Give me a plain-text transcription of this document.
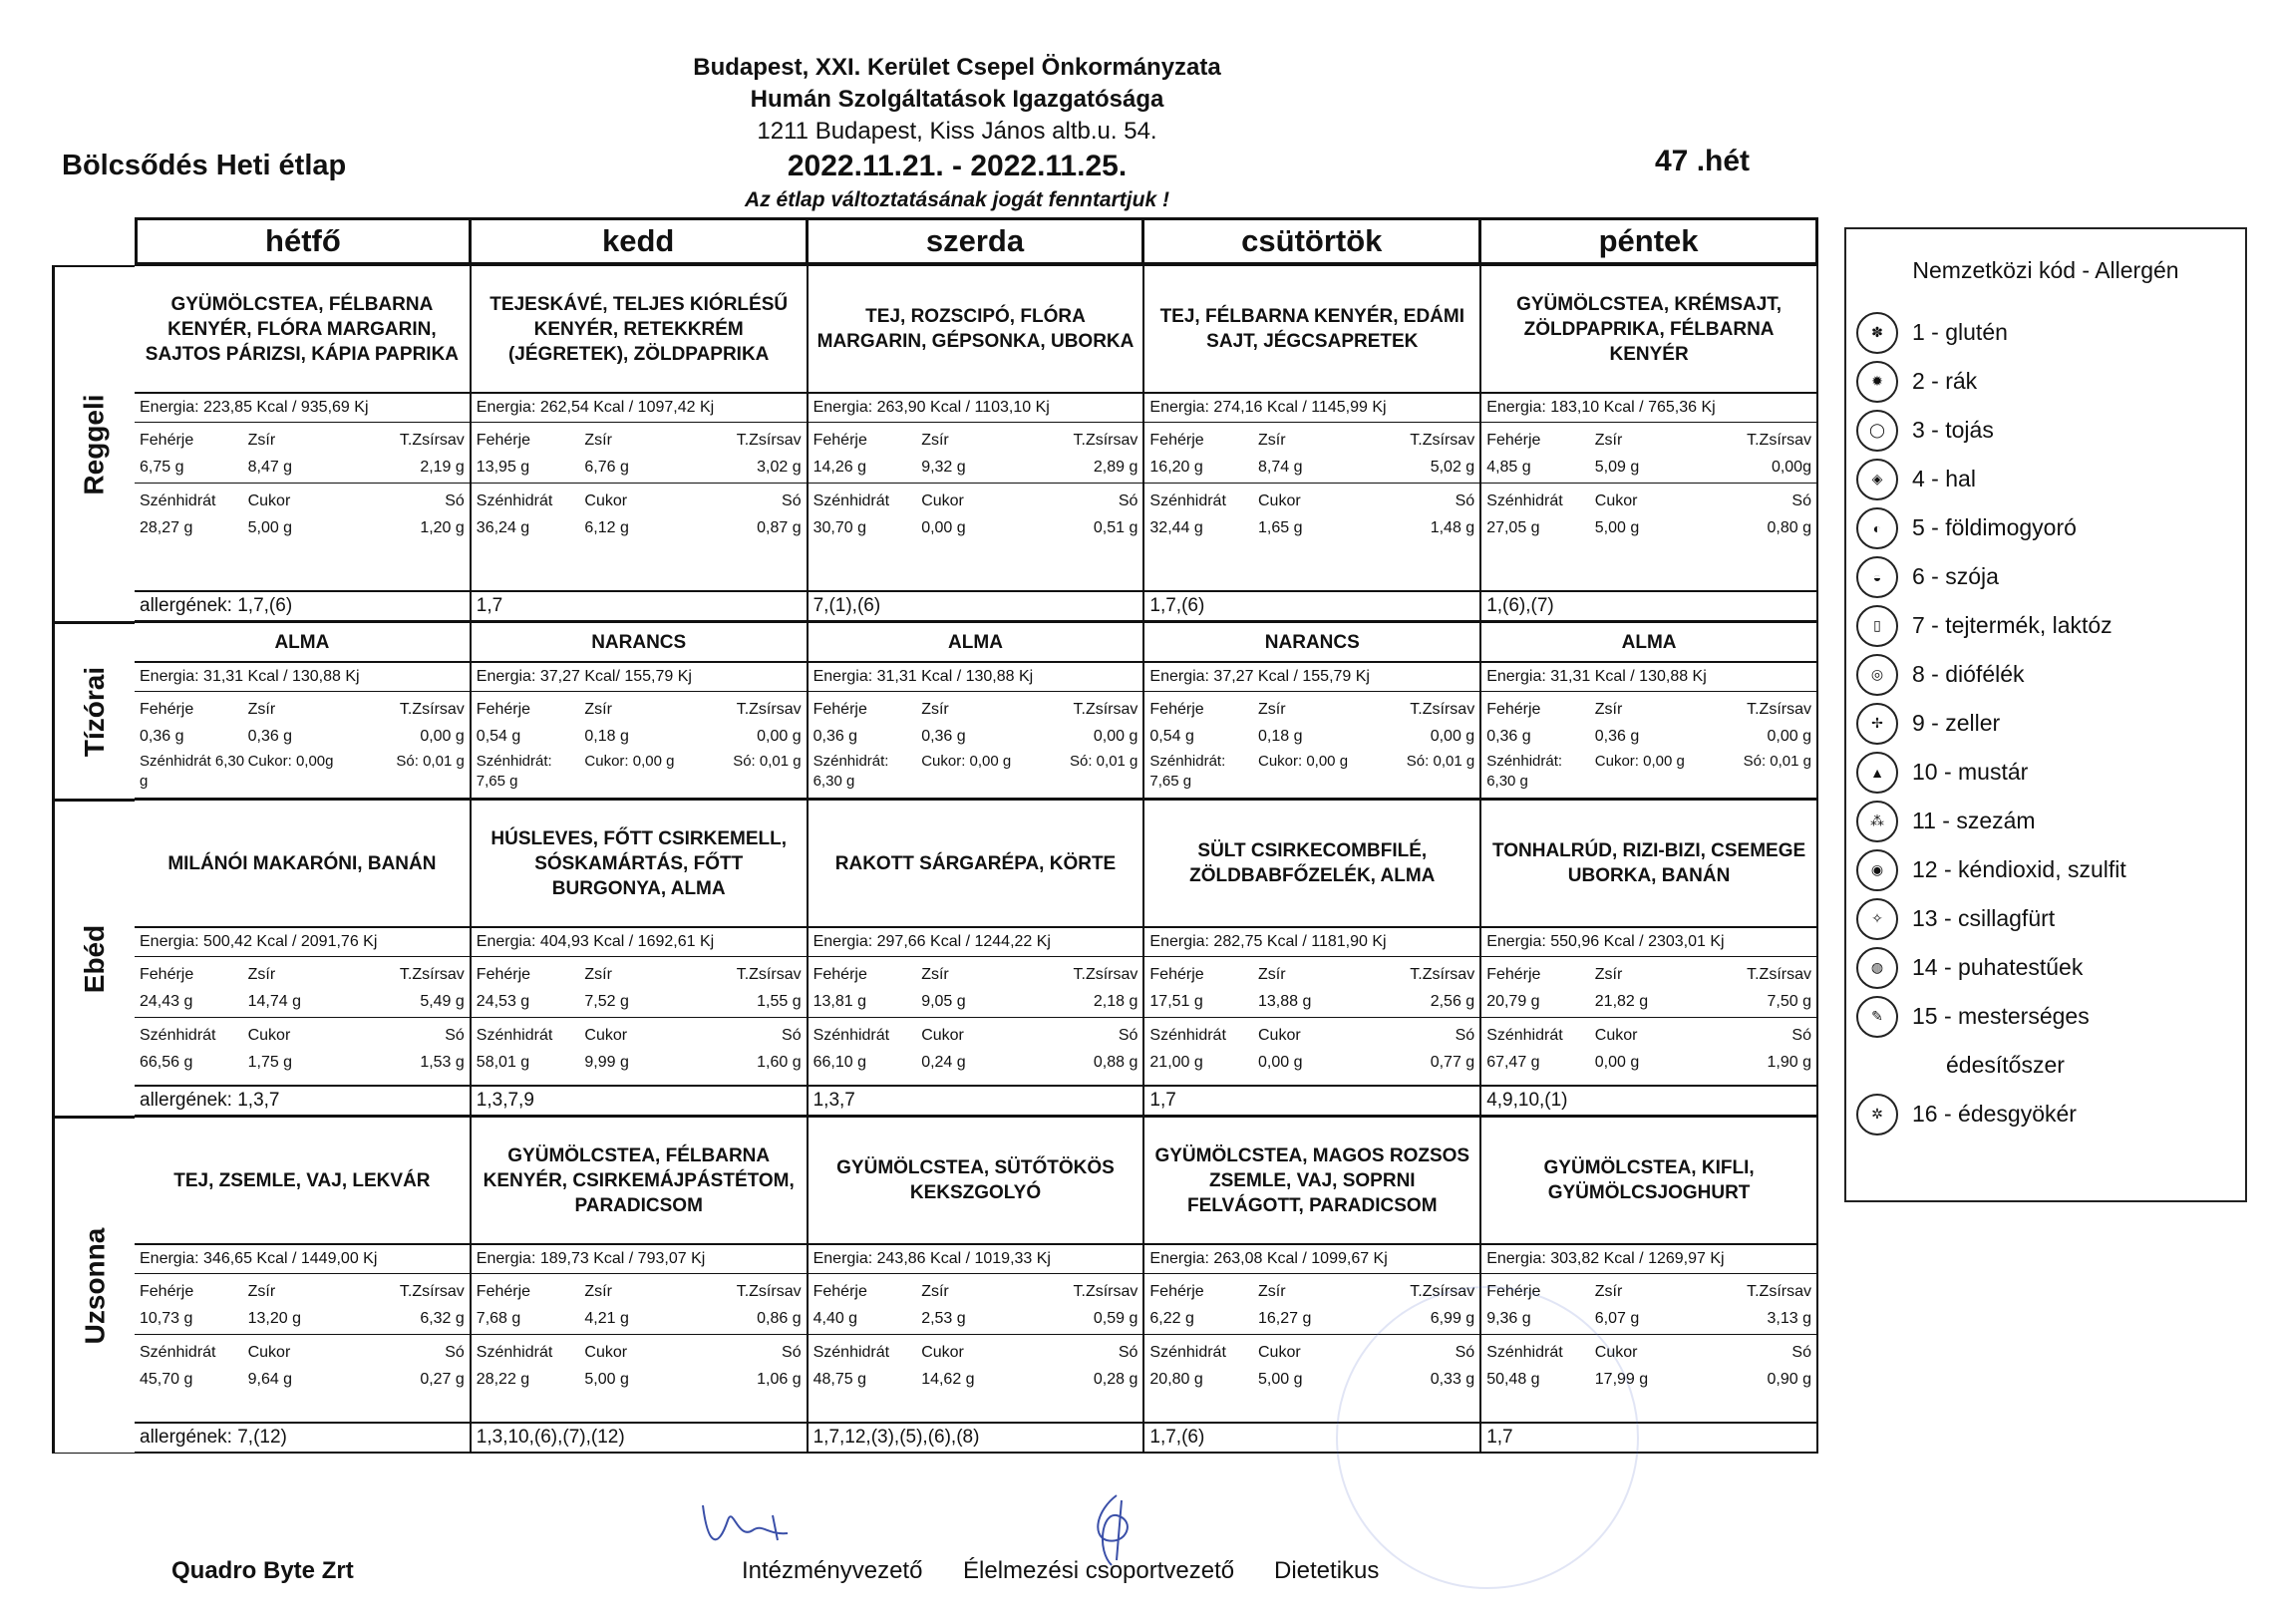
Budapest, XXI. Kerület Csepel Önkormányzata
Humán Szolgáltatások Igazgatósága
1211 Budapest, Kiss János altb.u. 54.
2022.11.21. - 2022.11.25.
Az étlap változtatásának jogát fenntartjuk !
Bölcsődés Heti étlap	47 .hét
hétfő	kedd	szerda	csütörtök	péntek
Reggeli
GYÜMÖLCSTEA, FÉLBARNA KENYÉR, FLÓRA MARGARIN, SAJTOS PÁRIZSI, KÁPIA PAPRIKA
Energia: 223,85 Kcal / 935,69 Kj
Fehérje	Zsír	T.Zsírsav
6,75 g	8,47 g	2,19 g
Szénhidrát	Cukor	Só
28,27 g	5,00 g	1,20 g
allergének: 1,7,(6)
TEJESKÁVÉ, TELJES KIÓRLÉSŰ KENYÉR, RETEKKRÉM (JÉGRETEK), ZÖLDPAPRIKA
Energia: 262,54 Kcal / 1097,42 Kj
Fehérje	Zsír	T.Zsírsav
13,95 g	6,76 g	3,02 g
Szénhidrát	Cukor	Só
36,24 g	6,12 g	0,87 g
1,7
TEJ, ROZSCIPÓ, FLÓRA MARGARIN, GÉPSONKA, UBORKA
Energia: 263,90 Kcal / 1103,10 Kj
Fehérje	Zsír	T.Zsírsav
14,26 g	9,32 g	2,89 g
Szénhidrát	Cukor	Só
30,70 g	0,00 g	0,51 g
7,(1),(6)
TEJ, FÉLBARNA KENYÉR, EDÁMI SAJT, JÉGCSAPRETEK
Energia: 274,16 Kcal / 1145,99 Kj
Fehérje	Zsír	T.Zsírsav
16,20 g	8,74 g	5,02 g
Szénhidrát	Cukor	Só
32,44 g	1,65 g	1,48 g
1,7,(6)
GYÜMÖLCSTEA, KRÉMSAJT, ZÖLDPAPRIKA, FÉLBARNA KENYÉR
Energia: 183,10 Kcal / 765,36 Kj
Fehérje	Zsír	T.Zsírsav
4,85 g	5,09 g	0,00g
Szénhidrát	Cukor	Só
27,05 g	5,00 g	0,80 g
1,(6),(7)
Tízórai
ALMA
Energia: 31,31 Kcal / 130,88 Kj
Fehérje	Zsír	T.Zsírsav
0,36 g	0,36 g	0,00 g
Szénhidrát 6,30 g
Cukor: 0,00g	Só: 0,01 g
NARANCS
Energia: 37,27 Kcal/ 155,79 Kj
Fehérje	Zsír	T.Zsírsav
0,54 g	0,18 g	0,00 g
Szénhidrát: 7,65 g
Cukor: 0,00 g	Só: 0,01 g
ALMA
Energia: 31,31 Kcal / 130,88 Kj
Fehérje	Zsír	T.Zsírsav
0,36 g	0,36 g	0,00 g
Szénhidrát: 6,30 g
Cukor: 0,00 g	Só: 0,01 g
NARANCS
Energia: 37,27 Kcal / 155,79 Kj
Fehérje	Zsír	T.Zsírsav
0,54 g	0,18 g	0,00 g
Szénhidrát: 7,65 g
Cukor: 0,00 g	Só: 0,01 g
ALMA
Energia: 31,31 Kcal / 130,88 Kj
Fehérje	Zsír	T.Zsírsav
0,36 g	0,36 g	0,00 g
Szénhidrát: 6,30 g
Cukor: 0,00 g	Só: 0,01 g
Ebéd
MILÁNÓI MAKARÓNI, BANÁN
Energia: 500,42 Kcal / 2091,76 Kj
Fehérje	Zsír	T.Zsírsav
24,43 g	14,74 g	5,49 g
Szénhidrát	Cukor	Só
66,56 g	1,75 g	1,53 g
allergének: 1,3,7
HÚSLEVES, FŐTT CSIRKEMELL, SÓSKAMÁRTÁS, FŐTT BURGONYA, ALMA
Energia: 404,93 Kcal / 1692,61 Kj
Fehérje	Zsír	T.Zsírsav
24,53 g	7,52 g	1,55 g
Szénhidrát	Cukor	Só
58,01 g	9,99 g	1,60 g
1,3,7,9
RAKOTT SÁRGARÉPA, KÖRTE
Energia: 297,66 Kcal / 1244,22 Kj
Fehérje	Zsír	T.Zsírsav
13,81 g	9,05 g	2,18 g
Szénhidrát	Cukor	Só
66,10 g	0,24 g	0,88 g
1,3,7
SÜLT CSIRKECOMBFILÉ, ZÖLDBABFŐZELÉK, ALMA
Energia: 282,75 Kcal / 1181,90 Kj
Fehérje	Zsír	T.Zsírsav
17,51 g	13,88 g	2,56 g
Szénhidrát	Cukor	Só
21,00 g	0,00 g	0,77 g
1,7
TONHALRÚD, RIZI-BIZI, CSEMEGE UBORKA, BANÁN
Energia: 550,96 Kcal / 2303,01 Kj
Fehérje	Zsír	T.Zsírsav
20,79 g	21,82 g	7,50 g
Szénhidrát	Cukor	Só
67,47 g	0,00 g	1,90 g
4,9,10,(1)
Uzsonna
TEJ, ZSEMLE, VAJ, LEKVÁR
Energia: 346,65 Kcal / 1449,00 Kj
Fehérje	Zsír	T.Zsírsav
10,73 g	13,20 g	6,32 g
Szénhidrát	Cukor	Só
45,70 g	9,64 g	0,27 g
allergének: 7,(12)
GYÜMÖLCSTEA, FÉLBARNA KENYÉR, CSIRKEMÁJPÁSTÉTOM, PARADICSOM
Energia: 189,73 Kcal / 793,07 Kj
Fehérje	Zsír	T.Zsírsav
7,68 g	4,21 g	0,86 g
Szénhidrát	Cukor	Só
28,22 g	5,00 g	1,06 g
1,3,10,(6),(7),(12)
GYÜMÖLCSTEA, SÜTŐTÖKÖS KEKSZGOLYÓ
Energia: 243,86 Kcal / 1019,33 Kj
Fehérje	Zsír	T.Zsírsav
4,40 g	2,53 g	0,59 g
Szénhidrát	Cukor	Só
48,75 g	14,62 g	0,28 g
1,7,12,(3),(5),(6),(8)
GYÜMÖLCSTEA, MAGOS ROZSOS ZSEMLE, VAJ, SOPRNI FELVÁGOTT, PARADICSOM
Energia: 263,08 Kcal / 1099,67 Kj
Fehérje	Zsír	T.Zsírsav
6,22 g	16,27 g	6,99 g
Szénhidrát	Cukor	Só
20,80 g	5,00 g	0,33 g
1,7,(6)
GYÜMÖLCSTEA, KIFLI, GYÜMÖLCSJOGHURT
Energia: 303,82 Kcal / 1269,97 Kj
Fehérje	Zsír	T.Zsírsav
9,36 g	6,07 g	3,13 g
Szénhidrát	Cukor	Só
50,48 g	17,99 g	0,90 g
1,7
Nemzetközi kód - Allergén
✽	1 - glutén
✹	2 - rák
◯	3 - tojás
◈	4 - hal
◐	5 - földimogyoró
◒	6 - szója
▯	7 - tejtermék, laktóz
◎	8 - diófélék
✢	9 - zeller
▲	10 - mustár
⁂	11 - szezám
◉	12 - kéndioxid, szulfit
✧	13 - csillagfürt
◍	14 - puhatestűek
✎	15 - mesterséges
édesítőszer
✲	16 - édesgyökér
Quadro Byte Zrt	Intézményvezető Élelmezési csoportvezető Dietetikus
